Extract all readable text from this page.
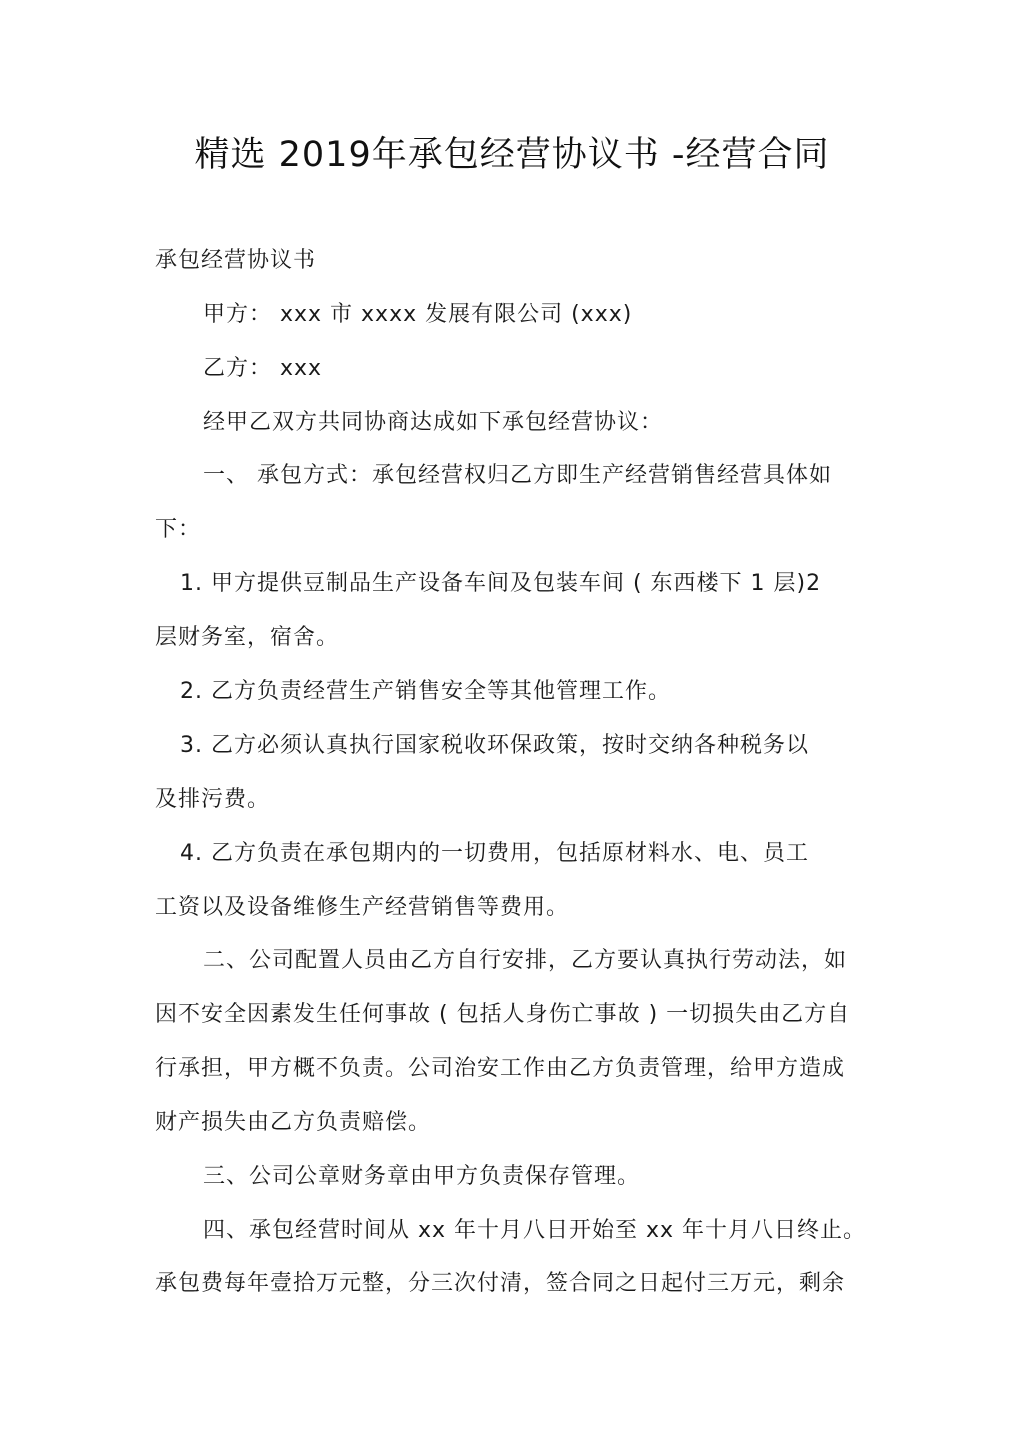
精选 2019年承包经营协议书 -经营合同
承包经营协议书
甲方： xxx 市 xxxx 发展有限公司 (xxx)
乙方： xxx
经甲乙双方共同协商达成如下承包经营协议：
一、 承包方式：承包经营权归乙方即生产经营销售经营具体如
下：
1. 甲方提供豆制品生产设备车间及包装车间 ( 东西楼下 1 层)2
层财务室，宿舍。
2. 乙方负责经营生产销售安全等其他管理工作。
3. 乙方必须认真执行国家税收环保政策，按时交纳各种税务以
及排污费。
4. 乙方负责在承包期内的一切费用，包括原材料水、电、员工
工资以及设备维修生产经营销售等费用。
二、公司配置人员由乙方自行安排，乙方要认真执行劳动法，如
因不安全因素发生任何事故 ( 包括人身伤亡事故 ) 一切损失由乙方自
行承担，甲方概不负责。公司治安工作由乙方负责管理，给甲方造成
财产损失由乙方负责赔偿。
三、公司公章财务章由甲方负责保存管理。
四、承包经营时间从 xx 年十月八日开始至 xx 年十月八日终止。
承包费每年壹拾万元整，分三次付清，签合同之日起付三万元，剩余
